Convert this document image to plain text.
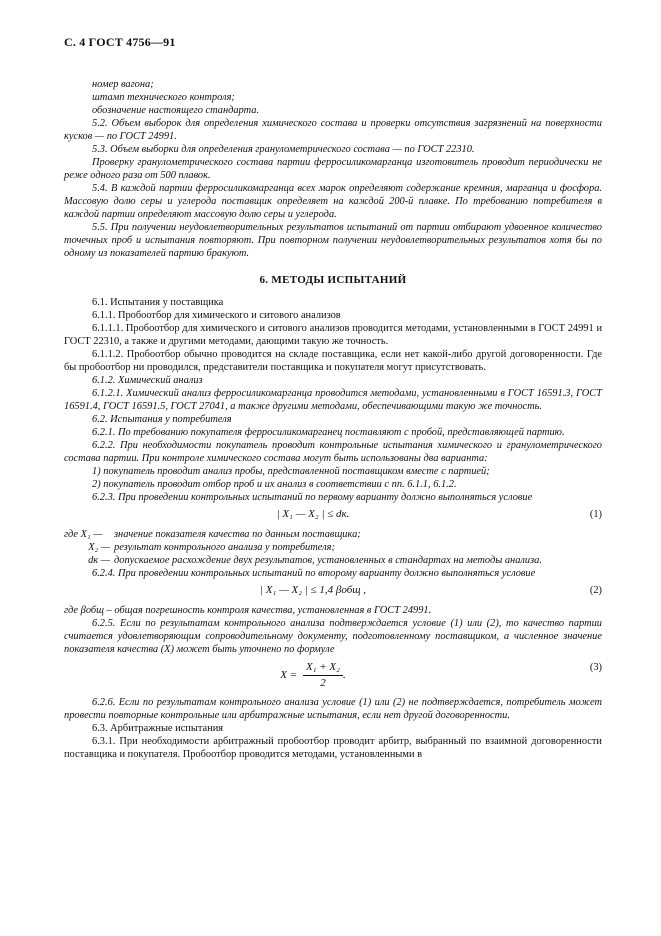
С. 4 ГОСТ 4756—91

номер вагона;

штамп технического контроля;

обозначение настоящего стандарта.

5.2. Объем выборок для определения химического состава и проверки отсутствия загрязнений на поверхности кусков — по ГОСТ 24991.

5.3. Объем выборки для определения гранулометрического состава — по ГОСТ 22310.

Проверку гранулометрического состава партии ферросиликомарганца изготовитель проводит периодически не реже одного раза от 500 плавок.

5.4. В каждой партии ферросиликомарганца всех марок определяют содержание кремния, марганца и фосфора. Массовую долю серы и углерода поставщик определяет на каждой 200-й плавке. По требованию потребителя в каждой партии определяют массовую долю серы и углерода.

5.5. При получении неудовлетворительных результатов испытаний от партии отбирают удвоенное количество точечных проб и испытания повторяют. При повторном получении неудовлетворительных результатов хотя бы по одному из показателей партию бракуют.

6. МЕТОДЫ ИСПЫТАНИЙ

6.1. Испытания у поставщика

6.1.1. Пробоотбор для химического и ситового анализов

6.1.1.1. Пробоотбор для химического и ситового анализов проводится методами, установленными в ГОСТ 24991 и ГОСТ 22310, а также и другими методами, дающими такую же точность.

6.1.1.2. Пробоотбор обычно проводится на складе поставщика, если нет какой-либо другой договоренности. Где бы пробоотбор ни проводился, представители поставщика и покупателя могут присутствовать.

6.1.2. Химический анализ

6.1.2.1. Химический анализ ферросиликомарганца проводится методами, установленными в ГОСТ 16591.3, ГОСТ 16591.4, ГОСТ 16591.5, ГОСТ 27041, а также другими методами, обеспечивающими такую же точность.

6.2. Испытания у потребителя

6.2.1. По требованию покупателя ферросиликомарганец поставляют с пробой, представляющей партию.

6.2.2. При необходимости покупатель проводит контрольные испытания химического и гранулометрического состава партии. При контроле химического состава могут быть использованы два варианта:

1) покупатель проводит анализ пробы, представленной поставщиком вместе с партией;

2) покупатель проводит отбор проб и их анализ в соответствии с пп. 6.1.1, 6.1.2.

6.2.3. При проведении контрольных испытаний по первому варианту должно выполняться условие

| X₁ — X₂ | ≤ dк.	(1)
где X₁ —	значение показателя качества по данным поставщика;
X₂ — результат контрольного анализа у потребителя;
dк — допускаемое расхождение двух результатов, установленных в стандартах на методы анализа.

6.2.4. При проведении контрольных испытаний по второму варианту должно выполняться условие

| X₁ — X₂ | ≤ 1,4 βобщ ,	(2)

где βобщ – общая погрешность контроля качества, установленная в ГОСТ 24991.

6.2.5. Если по результатам контрольного анализа подтверждается условие (1) или (2), то качество партии считается удовлетворяющим сопроводительному документу, подготовленному поставщиком, а численное значение показателя качества (X) может быть уточнено по формуле

$X = \frac{\text{X₁ + X₂}}{2}$ .
(3)

6.2.6. Если по результатам контрольного анализа условие (1) или (2) не подтверждается, потребитель может провести повторные контрольные или арбитражные испытания, если нет другой договоренности.

6.3. Арбитражные испытания

6.3.1. При необходимости арбитражный пробоотбор проводит арбитр, выбранный по взаимной договоренности поставщика и покупателя. Пробоотбор проводится методами, установленными в
